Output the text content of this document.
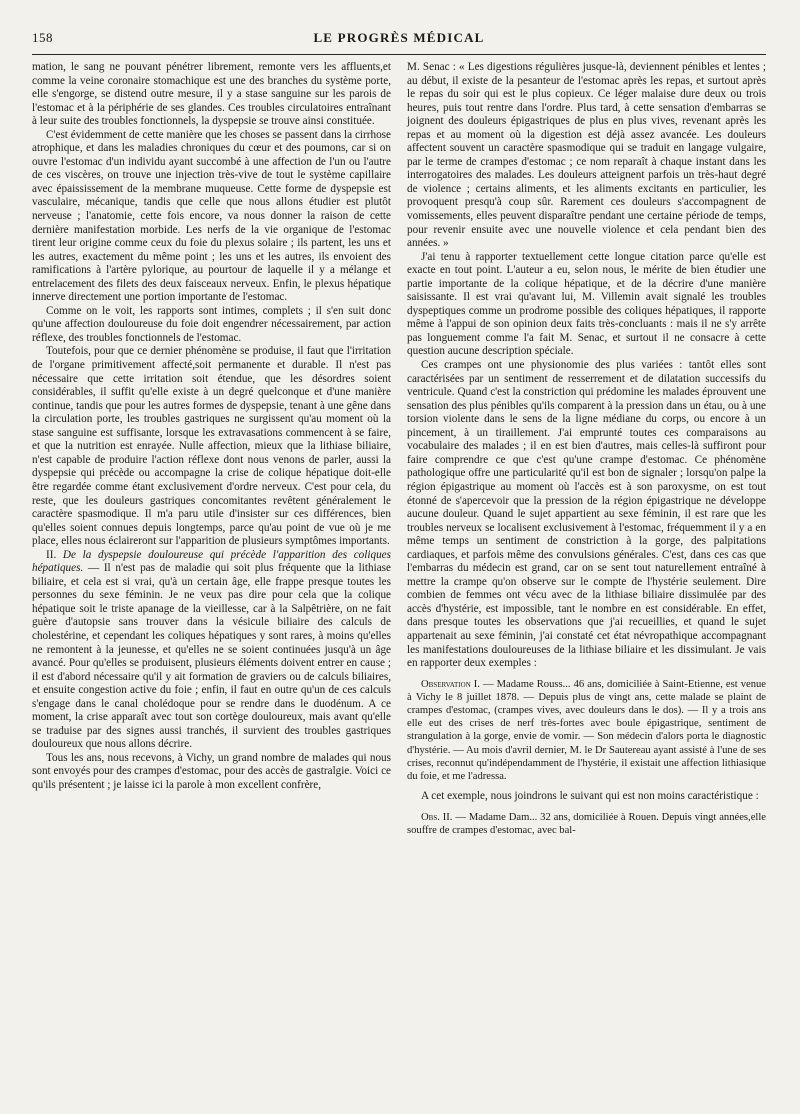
158	LE PROGRÈS MÉDICAL

mation, le sang ne pouvant pénétrer librement, remonte vers les affluents,et comme la veine coronaire stomachique est une des branches du système porte, elle s'engorge, se distend outre mesure, il y a stase sanguine sur les parois de l'estomac et à la périphérie de ses glandes. Ces troubles circulatoires entraînant à leur suite des troubles fonctionnels, la dyspepsie se trouve ainsi constituée.

C'est évidemment de cette manière que les choses se passent dans la cirrhose atrophique, et dans les maladies chroniques du cœur et des poumons, car si on ouvre l'estomac d'un individu ayant succombé à une affection de l'un ou l'autre de ces viscères, on trouve une injection très-vive de tout le système capillaire avec épaississement de la membrane muqueuse. Cette forme de dyspepsie est vasculaire, mécanique, tandis que celle que nous allons étudier est plutôt nerveuse ; l'anatomie, cette fois encore, va nous donner la raison de cette dernière manifestation morbide. Les nerfs de la vie organique de l'estomac tirent leur origine comme ceux du foie du plexus solaire ; ils partent, les uns et les autres, exactement du même point ; les uns et les autres, ils envoient des ramifications à l'artère pylorique, au pourtour de laquelle il y a mélange et entrelacement des filets des deux faisceaux nerveux. Enfin, le plexus hépatique innerve directement une portion importante de l'estomac.

Comme on le voit, les rapports sont intimes, complets ; il s'en suit donc qu'une affection douloureuse du foie doit engendrer nécessairement, par action réflexe, des troubles fonctionnels de l'estomac.

Toutefois, pour que ce dernier phénomène se produise, il faut que l'irritation de l'organe primitivement affecté,soit permanente et durable. Il n'est pas nécessaire que cette irritation soit étendue, que les désordres soient considérables, il suffit qu'elle existe à un degré quelconque et d'une manière continue, tandis que pour les autres formes de dyspepsie, tenant à une gêne dans la circulation porte, les troubles gastriques ne surgissent qu'au moment où la stase sanguine est suffisante, lorsque les extravasations commencent à se faire, et que la nutrition est enrayée. Nulle affection, mieux que la lithiase biliaire, n'est capable de produire l'action réflexe dont nous venons de parler, aussi la dyspepsie qui précède ou accompagne la crise de colique hépatique doit-elle être regardée comme étant exclusivement d'ordre nerveux. C'est pour cela, du reste, que les douleurs gastriques concomitantes revêtent généralement le caractère spasmodique. Il m'a paru utile d'insister sur ces différences, bien qu'elles soient connues depuis longtemps, parce qu'au point de vue où je me place, elles nous éclaireront sur l'apparition de plusieurs symptômes importants.

II. De la dyspepsie douloureuse qui précède l'apparition des coliques hépatiques. — Il n'est pas de maladie qui soit plus fréquente que la lithiase biliaire, et cela est si vrai, qu'à un certain âge, elle frappe presque toutes les personnes du sexe féminin. Je ne veux pas dire pour cela que la colique hépatique soit le triste apanage de la vieillesse, car à la Salpêtrière, on ne fait guère d'autopsie sans trouver dans la vésicule biliaire des calculs de cholestérine, et cependant les coliques hépatiques y sont rares, à moins qu'elles ne remontent à la jeunesse, et qu'elles ne se soient continuées jusqu'à un âge avancé. Pour qu'elles se produisent, plusieurs éléments doivent entrer en cause ; il est d'abord nécessaire qu'il y ait formation de graviers ou de calculs biliaires, et ensuite congestion active du foie ; enfin, il faut en outre qu'un de ces calculs s'engage dans le canal cholédoque pour se rendre dans le duodénum. A ce moment, la crise apparaît avec tout son cortège douloureux, mais avant qu'elle se traduise par des signes aussi tranchés, il survient des troubles gastriques douloureux que nous allons décrire.

Tous les ans, nous recevons, à Vichy, un grand nombre de malades qui nous sont envoyés pour des crampes d'estomac, pour des accès de gastralgie. Voici ce qu'ils présentent ; je laisse ici la parole à mon excellent confrère,

M. Senac : « Les digestions régulières jusque-là, deviennent pénibles et lentes ; au début, il existe de la pesanteur de l'estomac après les repas, et surtout après le repas du soir qui est le plus copieux. Ce léger malaise dure deux ou trois heures, puis tout rentre dans l'ordre. Plus tard, à cette sensation d'embarras se joignent des douleurs épigastriques de plus en plus vives, revenant après les repas et au moment où la digestion est déjà assez avancée. Les douleurs affectent souvent un caractère spasmodique qui se traduit en langage vulgaire, par le terme de crampes d'estomac ; ce nom reparaît à chaque instant dans les interrogatoires des malades. Les douleurs atteignent parfois un très-haut degré de violence ; certains aliments, et les aliments excitants en particulier, les provoquent presqu'à coup sûr. Rarement ces douleurs s'accompagnent de vomissements, elles peuvent disparaître pendant une certaine période de temps, pour revenir ensuite avec une nouvelle violence et cela pendant bien des années. »

J'ai tenu à rapporter textuellement cette longue citation parce qu'elle est exacte en tout point. L'auteur a eu, selon nous, le mérite de bien étudier une partie importante de la colique hépatique, et de la décrire d'une manière saisissante. Il est vrai qu'avant lui, M. Villemin avait signalé les troubles dyspeptiques comme un prodrome possible des coliques hépatiques, il rapporte même à l'appui de son opinion deux faits très-concluants : mais il ne s'y arrête pas longuement comme l'a fait M. Senac, et surtout il ne consacre à cette question aucune description spéciale.

Ces crampes ont une physionomie des plus variées : tantôt elles sont caractérisées par un sentiment de resserrement et de dilatation successifs du ventricule. Quand c'est la constriction qui prédomine les malades éprouvent une sensation des plus pénibles qu'ils comparent à la pression dans un étau, ou à une torsion violente dans le sens de la ligne médiane du corps, ou encore à un pincement, à un tiraillement. J'ai emprunté toutes ces comparaisons au vocabulaire des malades ; il en est bien d'autres, mais celles-là suffiront pour faire comprendre ce que c'est qu'une crampe d'estomac. Ce phénomène pathologique offre une particularité qu'il est bon de signaler ; lorsqu'on palpe la région épigastrique au moment où l'accès est à son paroxysme, on est tout étonné de s'apercevoir que la pression de la région épigastrique ne développe aucune douleur. Quand le sujet appartient au sexe féminin, il est rare que les troubles nerveux se localisent exclusivement à l'estomac, fréquemment il y a en même temps un sentiment de constriction à la gorge, des palpitations cardiaques, et parfois même des convulsions générales. C'est, dans ces cas que l'embarras du médecin est grand, car on se sent tout naturellement entraîné à mettre la crampe qu'on observe sur le compte de l'hystérie seulement. Dire combien de femmes ont vécu avec de la lithiase biliaire dissimulée par des accès d'hystérie, est impossible, tant le nombre en est considérable. En effet, dans presque toutes les observations que j'ai recueillies, et quand le sujet appartenait au sexe féminin, j'ai constaté cet état névropathique accompagnant les manifestations douloureuses de la lithiase biliaire et les dissimulant. Je vais en rapporter deux exemples :

Observation I. — Madame Rouss... 46 ans, domiciliée à Saint-Etienne, est venue à Vichy le 8 juillet 1878. — Depuis plus de vingt ans, cette malade se plaint de crampes d'estomac, (crampes vives, avec douleurs dans le dos). — Il y a trois ans elle eut des crises de nerf très-fortes avec boule épigastrique, sentiment de strangulation à la gorge, envie de vomir. — Son médecin d'alors porta le diagnostic d'hystérie. — Au mois d'avril dernier, M. le Dr Sautereau ayant assisté à l'une de ses crises, reconnut qu'indépendamment de l'hystérie, il existait une affection lithiasique du foie, et me l'adressa.

A cet exemple, nous joindrons le suivant qui est non moins caractéristique :

Obs. II. — Madame Dam... 32 ans, domiciliée à Rouen. Depuis vingt années,elle souffre de crampes d'estomac, avec bal-
